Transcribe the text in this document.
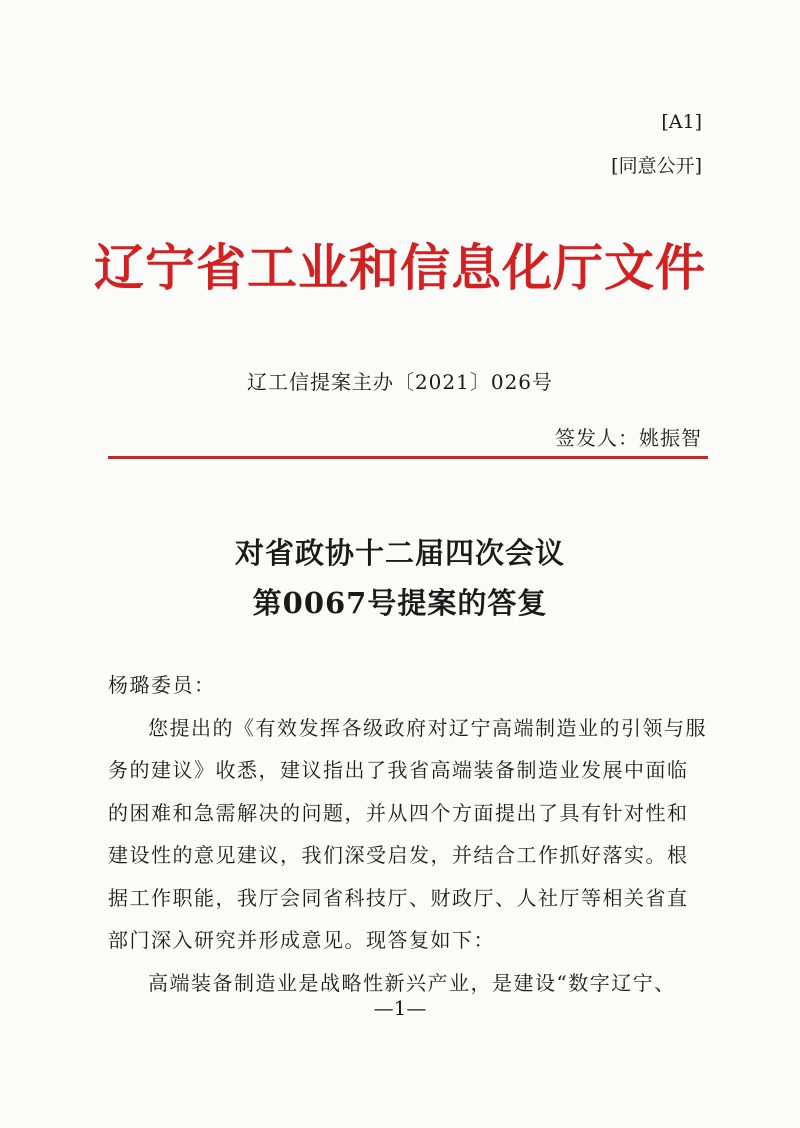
[A1]
[同意公开]
辽宁省工业和信息化厅文件
辽工信提案主办〔2021〕026号
签发人：姚振智
对省政协十二届四次会议
第0067号提案的答复

杨璐委员：

您提出的《有效发挥各级政府对辽宁高端制造业的引领与服务的建议》收悉，建议指出了我省高端装备制造业发展中面临的困难和急需解决的问题，并从四个方面提出了具有针对性和建设性的意见建议，我们深受启发，并结合工作抓好落实。根据工作职能，我厅会同省科技厅、财政厅、人社厅等相关省直部门深入研究并形成意见。现答复如下：

高端装备制造业是战略性新兴产业，是建设“数字辽宁、

—1—
